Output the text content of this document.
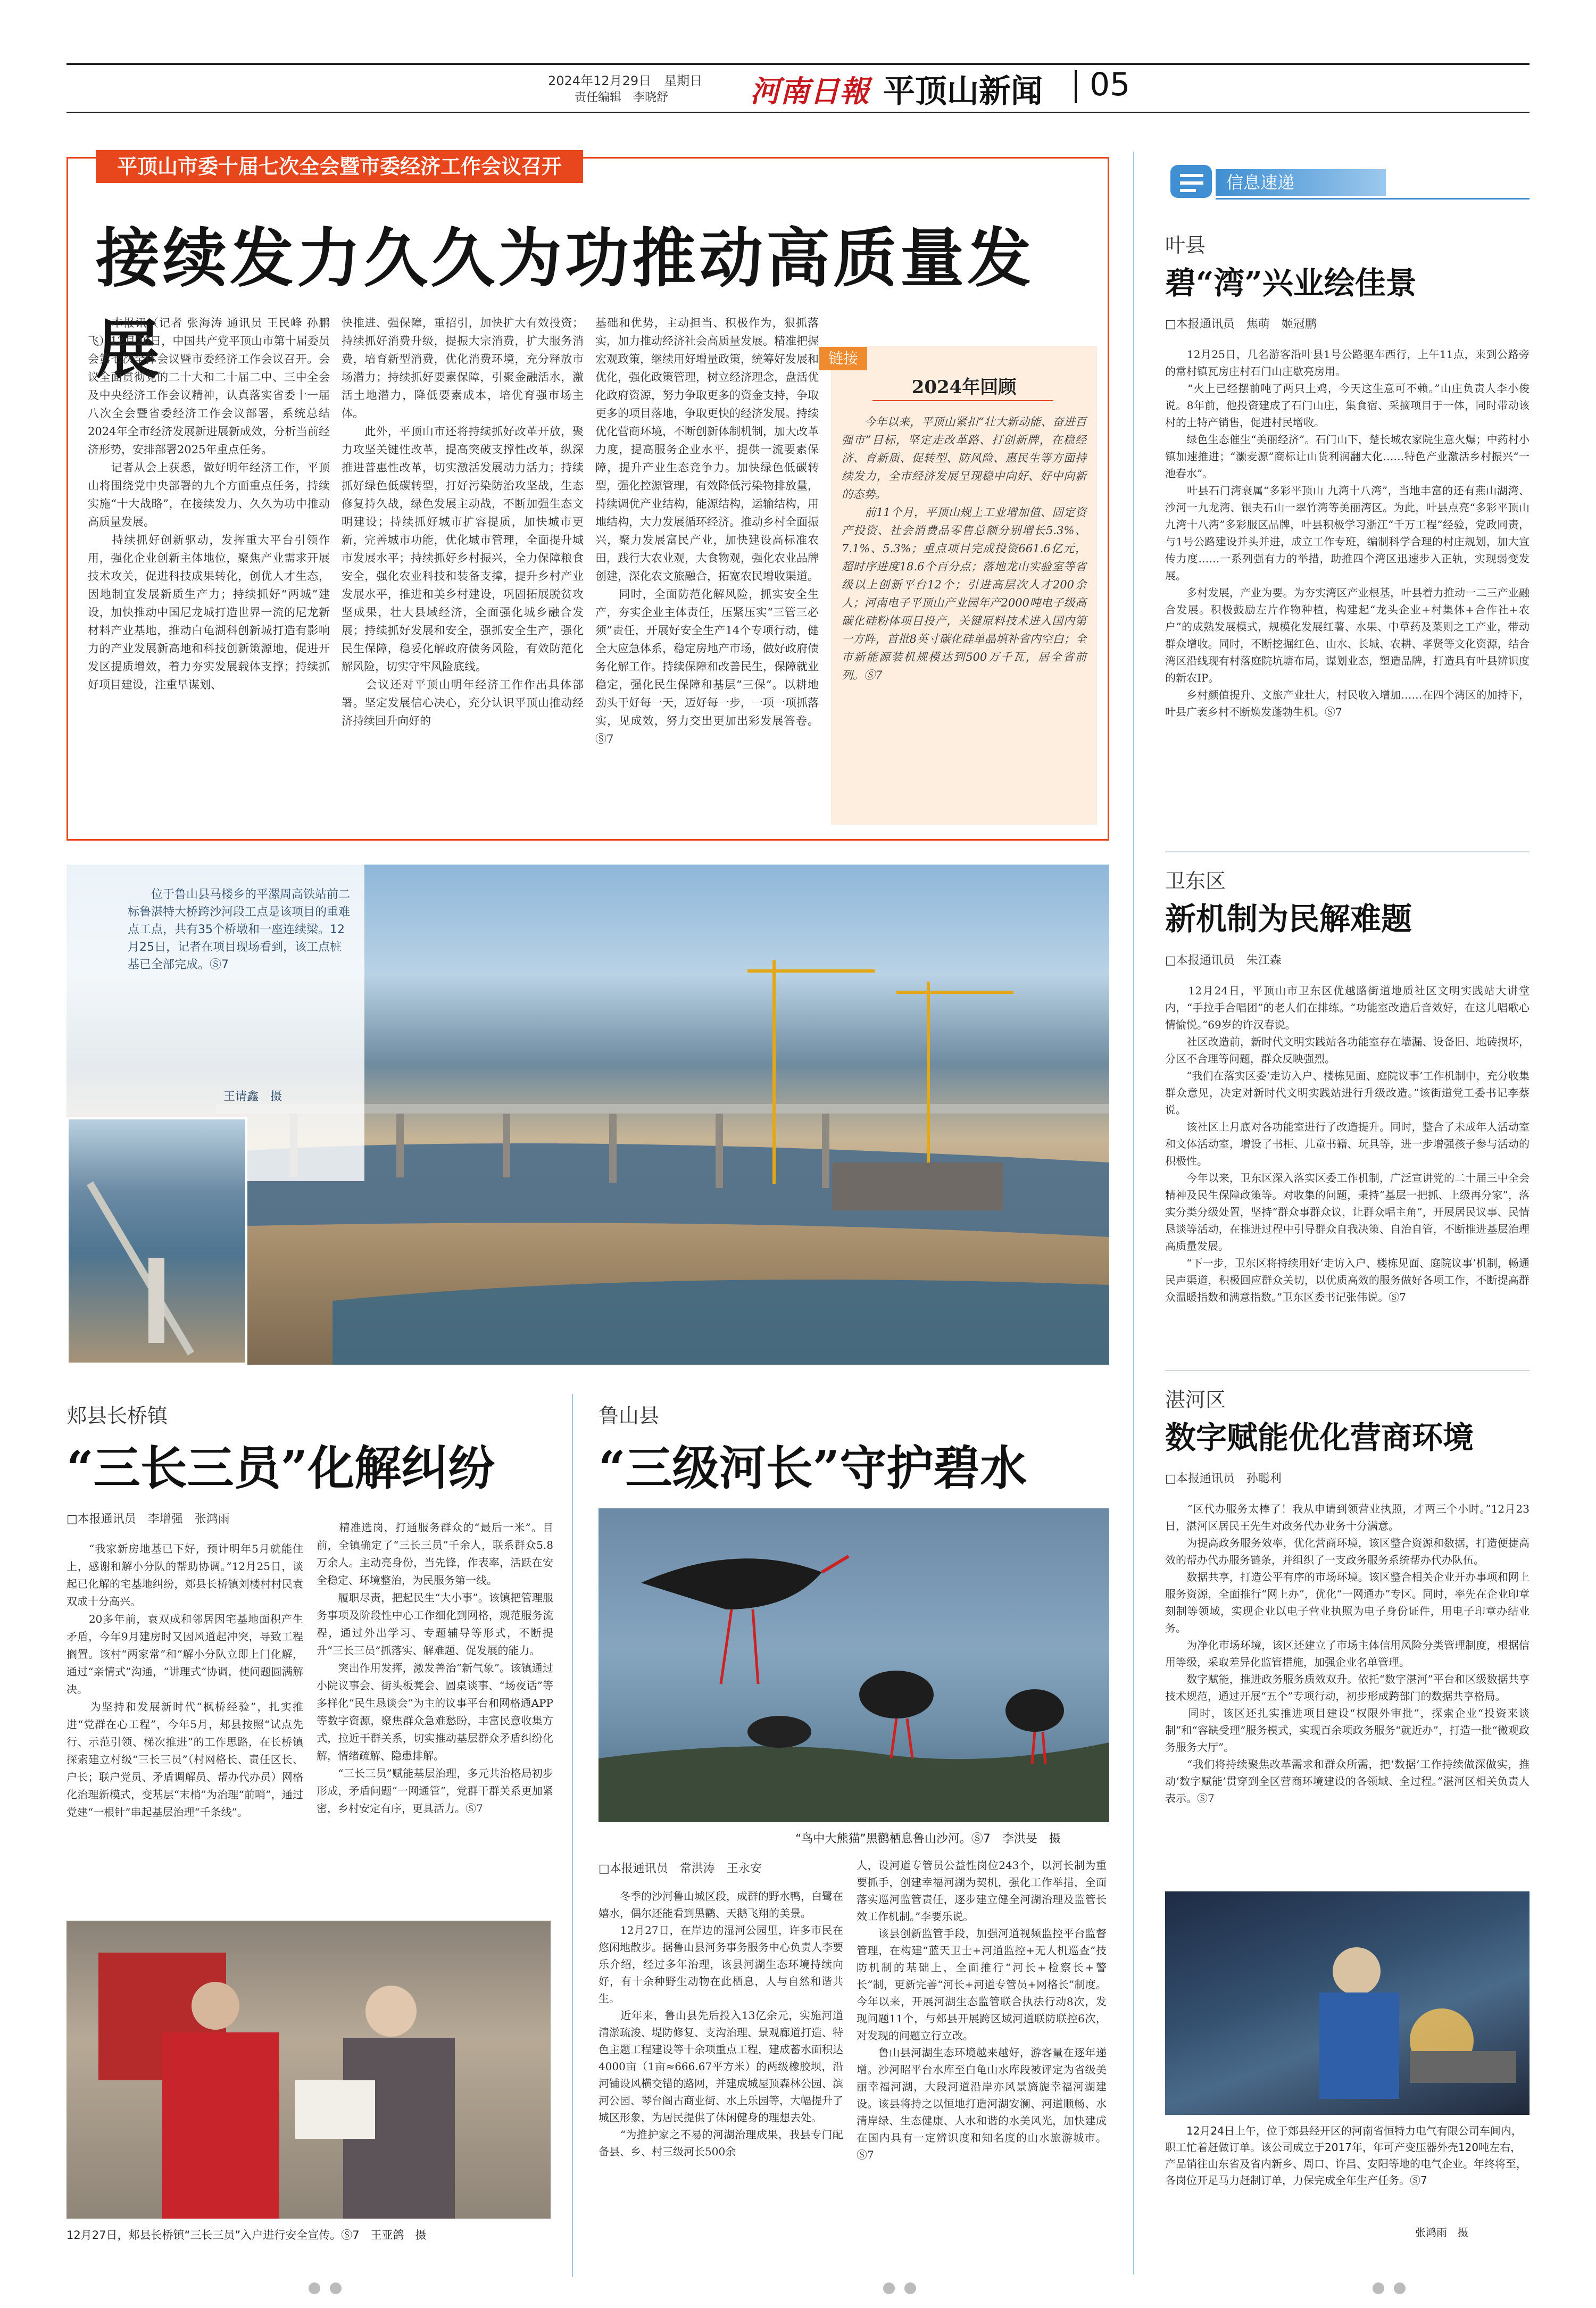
2024年12月29日　星期日
责任编辑　李晓舒	河南日報 平顶山新闻 05
平顶山市委十届七次全会暨市委经济工作会议召开
接续发力久久为功推动高质量发展
　　本报讯（记者 张海涛 通讯员 王民峰 孙鹏飞）12月26日，中国共产党平顶山市第十届委员会第七次全体会议暨市委经济工作会议召开。会议全面贯彻党的二十大和二十届二中、三中全会及中央经济工作会议精神，认真落实省委十一届八次全会暨省委经济工作会议部署，系统总结2024年全市经济发展新进展新成效，分析当前经济形势，安排部署2025年重点任务。
　　记者从会上获悉，做好明年经济工作，平顶山将围绕党中央部署的九个方面重点任务，持续实施“十大战略”，在接续发力、久久为功中推动高质量发展。
　　持续抓好创新驱动，发挥重大平台引领作用，强化企业创新主体地位，聚焦产业需求开展技术攻关，促进科技成果转化，创优人才生态，因地制宜发展新质生产力；持续抓好“两城”建设，加快推动中国尼龙城打造世界一流的尼龙新材料产业基地，推动白龟湖科创新城打造有影响力的产业发展新高地和科技创新策源地，促进开发区提质增效，着力夯实发展载体支撑；持续抓好项目建设，注重早谋划、
快推进、强保障，重招引，加快扩大有效投资；持续抓好消费升级，提振大宗消费，扩大服务消费，培育新型消费，优化消费环境，充分释放市场潜力；持续抓好要素保障，引聚金融活水，激活土地潜力，降低要素成本，培优育强市场主体。
　　此外，平顶山市还将持续抓好改革开放，聚力攻坚关键性改革，提高突破支撑性改革，纵深推进普惠性改革，切实激活发展动力活力；持续抓好绿色低碳转型，打好污染防治攻坚战，生态修复持久战，绿色发展主动战，不断加强生态文明建设；持续抓好城市扩容提质，加快城市更新，完善城市功能，优化城市管理，全面提升城市发展水平；持续抓好乡村振兴，全力保障粮食安全，强化农业科技和装备支撑，提升乡村产业发展水平，推进和美乡村建设，巩固拓展脱贫攻坚成果，壮大县域经济，全面强化城乡融合发展；持续抓好发展和安全，强抓安全生产，强化民生保障，稳妥化解政府债务风险，有效防范化解风险，切实守牢风险底线。
　　会议还对平顶山明年经济工作作出具体部署。坚定发展信心决心，充分认识平顶山推动经济持续回升向好的
基础和优势，主动担当、积极作为，狠抓落实，加力推动经济社会高质量发展。精准把握宏观政策，继续用好增量政策，统筹好发展和优化，强化政策管理，树立经济理念，盘活优化政府资源，努力争取更多的资金支持，争取更多的项目落地，争取更快的经济发展。持续优化营商环境，不断创新体制机制，加大改革力度，提高服务企业水平，提供一流要素保障，提升产业生态竞争力。加快绿色低碳转型，强化控源管理，有效降低污染物排放量，持续调优产业结构，能源结构，运输结构，用地结构，大力发展循环经济。推动乡村全面振兴，聚力发展富民产业，加快建设高标准农田，践行大农业观，大食物观，强化农业品牌创建，深化农文旅融合，拓宽农民增收渠道。
　　同时，全面防范化解风险，抓实安全生产，夯实企业主体责任，压紧压实“三管三必须”责任，开展好安全生产14个专项行动，健全大应急体系，稳定房地产市场，做好政府债务化解工作。持续保障和改善民生，保障就业稳定，强化民生保障和基层“三保”。以耕地劲头干好每一天，迈好每一步，一项一项抓落实，见成效，努力交出更加出彩发展答卷。Ⓢ7
链接
2024年回顾
　　今年以来，平顶山紧扣“壮大新动能、奋进百强市”目标，坚定走改革路、打创新牌，在稳经济、育新质、促转型、防风险、惠民生等方面持续发力，全市经济发展呈现稳中向好、好中向新的态势。
　　前11个月，平顶山规上工业增加值、固定资产投资、社会消费品零售总额分别增长5.3%、7.1%、5.3%；重点项目完成投资661.6亿元，超时序进度18.6个百分点；落地龙山实验室等省级以上创新平台12个；引进高层次人才200余人；河南电子平顶山产业园年产2000吨电子级高碳化硅粉体项目投产，关键原料技术进入国内第一方阵，首批8英寸碳化硅单晶填补省内空白；全市新能源装机规模达到500万千瓦，居全省前列。Ⓢ7
　　位于鲁山县马楼乡的平漯周高铁站前二标鲁湛特大桥跨沙河段工点是该项目的重难点工点，共有35个桥墩和一座连续梁。12月25日，记者在项目现场看到，该工点桩基已全部完成。Ⓢ7
王请鑫　摄
信息速递
叶县
碧“湾”兴业绘佳景
□本报通讯员　焦萌　姬冠鹏
　　12月25日，几名游客沿叶县1号公路驱车西行，上午11点，来到公路旁的常村镇瓦房庄村石门山庄歇亮房用。
　　“火上已经摆前吨了两只土鸡，今天这生意可不赖。”山庄负责人李小俊说。8年前，他投资建成了石门山庄，集食宿、采摘项目于一体，同时带动该村的土特产销售，促进村民增收。
　　绿色生态催生“美丽经济”。石门山下，楚长城农家院生意火爆；中药村小镇加速推进；“灏麦源”商标让山货利润翻大化……特色产业激活乡村振兴“一池春水”。
　　叶县石门湾衰属“多彩平顶山 九湾十八湾”，当地丰富的还有燕山湖湾、沙河一九龙湾、银夫石山一翠竹湾等美丽湾区。为此，叶县点亮“多彩平顶山 九湾十八湾”多彩服区品牌，叶县积极学习浙江“千万工程”经验，党政同责，与1号公路建设并头并进，成立工作专班，编制科学合理的村庄规划，加大宣传力度……一系列强有力的举措，助推四个湾区迅速步入正轨，实现弱变发展。
　　多村发展，产业为要。为夯实湾区产业根基，叶县着力推动一二三产业融合发展。积极鼓励左片作物种植，构建起“龙头企业+村集体+合作社+农户”的成熟发展模式，规模化发展红薯、水果、中草药及菜则之工产业，带动群众增收。同时，不断挖掘红色、山水、长城、农耕、孝贤等文化资源，结合湾区沿线现有村落庭院坑塘布局，谋划业态，塑造品牌，打造具有叶县辨识度的新农IP。
　　乡村颜值提升、文旅产业壮大，村民收入增加……在四个湾区的加持下，叶县广袤乡村不断焕发蓬勃生机。Ⓢ7
卫东区
新机制为民解难题
□本报通讯员　朱江森
　　12月24日，平顶山市卫东区优越路街道地质社区文明实践站大讲堂内，“手拉手合唱团”的老人们在排练。“功能室改造后音效好，在这儿唱歌心情愉悦。”69岁的许汉春说。
　　社区改造前，新时代文明实践站各功能室存在墙漏、设备旧、地砖损坏，分区不合理等问题，群众反映强烈。
　　“我们在落实区委‘走访入户、楼栋见面、庭院议事’工作机制中，充分收集群众意见，决定对新时代文明实践站进行升级改造。”该街道党工委书记李蔡说。
　　该社区上月底对各功能室进行了改造提升。同时，整合了未成年人活动室和文体活动室，增设了书柜、儿童书籍、玩具等，进一步增强孩子参与活动的积极性。
　　今年以来，卫东区深入落实区委工作机制，广泛宣讲党的二十届三中全会精神及民生保障政策等。对收集的问题，秉持“基层一把抓、上级再分家”，落实分类分级处置，坚持“群众事群众议，让群众唱主角”，开展居民议事、民情恳谈等活动，在推进过程中引导群众自我决策、自治自管，不断推进基层治理高质量发展。
　　“下一步，卫东区将持续用好‘走访入户、楼栋见面、庭院议事’机制，畅通民声渠道，积极回应群众关切，以优质高效的服务做好各项工作，不断提高群众温暖指数和满意指数。”卫东区委书记张伟说。Ⓢ7
湛河区
数字赋能优化营商环境
□本报通讯员　孙聪利
　　“区代办服务太棒了！我从申请到领营业执照，才两三个小时。”12月23日，湛河区居民王先生对政务代办业务十分满意。
　　为提高政务服务效率，优化营商环境，该区整合资源和数据，打造便捷高效的帮办代办服务链条，并组织了一支政务服务系统帮办代办队伍。
　　数据共享，打造公平有序的市场环境。该区整合相关企业开办事项和网上服务资源，全面推行“网上办”，优化“一网通办”专区。同时，率先在企业印章刻制等领域，实现企业以电子营业执照为电子身份证件，用电子印章办结业务。
　　为净化市场环境，该区还建立了市场主体信用风险分类管理制度，根据信用等级，采取差异化监管措施，加强企业名单管理。
　　数字赋能，推进政务服务质效双升。依托“数字湛河”平台和区级数据共享技术规范，通过开展“五个”专项行动，初步形成跨部门的数据共享格局。
　　同时，该区还扎实推进项目建设“权限外审批”，探索企业“投资来谈制”和“容缺受理”服务模式，实现百余项政务服务“就近办”，打造一批“微观政务服务大厅”。
　　“我们将持续聚焦改革需求和群众所需，把‘数据’工作持续做深做实，推动‘数字赋能’贯穿到全区营商环境建设的各领域、全过程。”湛河区相关负责人表示。Ⓢ7
　　12月24日上午，位于郏县经开区的河南省恒特力电气有限公司车间内，职工忙着赶做订单。该公司成立于2017年，年可产变压器外壳120吨左右，产品销往山东省及省内新乡、周口、许昌、安阳等地的电气企业。年终将至，各岗位开足马力赶制订单，力保完成全年生产任务。Ⓢ7
张鸿雨　摄
郏县长桥镇
“三长三员”化解纠纷
□本报通讯员　李增强　张鸿雨
　　“我家新房地基已下好，预计明年5月就能住上，感谢和解小分队的帮助协调。”12月25日，谈起已化解的宅基地纠纷，郏县长桥镇刘楼村村民袁双成十分高兴。
　　20多年前，袁双成和邻居因宅基地面积产生矛盾，今年9月建房时又因风道起冲突，导致工程搁置。该村“两家常”和“解小分队立即上门化解，通过“亲情式”沟通，“讲理式”协调，使问题圆满解决。
　　为坚持和发展新时代“枫桥经验”，扎实推进“党群在心工程”，今年5月，郏县按照“试点先行、示范引领、梯次推进”的工作思路，在长桥镇探索建立村级“三长三员”（村网格长、责任区长、户长；联户党员、矛盾调解员、帮办代办员）网格化治理新模式，变基层“末梢”为治理“前哨”，通过党建“一根针”串起基层治理“千条线”。
　　精准选岗，打通服务群众的“最后一米”。目前，全镇确定了“三长三员”千余人，联系群众5.8万余人。主动亮身份，当先锋，作表率，活跃在安全稳定、环境整治，为民服务第一线。
　　履职尽责，把起民生“大小事”。该镇把管理服务事项及阶段性中心工作细化到网格，规范服务流程，通过外出学习、专题辅导等形式，不断提升“三长三员”抓落实、解难题、促发展的能力。
　　突出作用发挥，激发善治“新气象”。该镇通过小院议事会、街头板凳会、圆桌谈事、“场夜话”等多样化“民生恳谈会”为主的议事平台和网格通APP等数字资源，聚焦群众急难愁盼，丰富民意收集方式，拉近干群关系，切实推动基层群众矛盾纠纷化解，情绪疏解、隐患排解。
　　“三长三员”赋能基层治理，多元共治格局初步形成，矛盾问题“一网通管”，党群干群关系更加紧密，乡村安定有序，更具活力。Ⓢ7
12月27日，郏县长桥镇“三长三员”入户进行安全宣传。Ⓢ7　王亚鸽　摄
鲁山县
“三级河长”守护碧水
“鸟中大熊猫”黑鹳栖息鲁山沙河。Ⓢ7　李洪旻　摄
□本报通讯员　常洪涛　王永安
　　冬季的沙河鲁山城区段，成群的野水鸭，白鹭在嬉水，偶尔还能看到黑鹳、天鹅飞翔的美景。
　　12月27日，在岸边的湿河公园里，许多市民在悠闲地散步。据鲁山县河务事务服务中心负责人李要乐介绍，经过多年治理，该县河湖生态环境持续向好，有十余种野生动物在此栖息，人与自然和谐共生。
　　近年来，鲁山县先后投入13亿余元，实施河道清淤疏浚、堤防修复、支沟治理、景观廊道打造、特色主题工程建设等十余项重点工程，建成蓄水面积达4000亩（1亩≈666.67平方米）的两级橡胶坝，沿河铺设风横交错的路网，并建成城屋顶森林公园、滨河公园、琴台阁古商业街、水上乐园等，大幅提升了城区形象，为居民提供了休闲健身的理想去处。
　　“为推护家之不易的河湖治理成果，我县专门配备县、乡、村三级河长500余
人，设河道专管员公益性岗位243个，以河长制为重要抓手，创建幸福河湖为契机，强化工作举措，全面落实巡河监管责任，逐步建立健全河湖治理及监管长效工作机制。”李要乐说。
　　该县创新监管手段，加强河道视频监控平台监督管理，在构建“蓝天卫士+河道监控+无人机巡查”技防机制的基础上，全面推行“河长+检察长+警长”制，更新完善“河长+河道专管员+网格长”制度。今年以来，开展河湖生态监管联合执法行动8次，发现问题11个，与郏县开展跨区域河道联防联控6次，对发现的问题立行立改。
　　鲁山县河湖生态环境越来越好，游客量在逐年递增。沙河昭平台水库至白龟山水库段被评定为省级美丽幸福河湖，大段河道沿岸亦风景旖旎幸福河湖建设。该县将持之以恒地打造河湖安澜、河道顺畅、水清岸绿、生态健康、人水和谐的水美风光，加快建成在国内具有一定辨识度和知名度的山水旅游城市。Ⓢ7
